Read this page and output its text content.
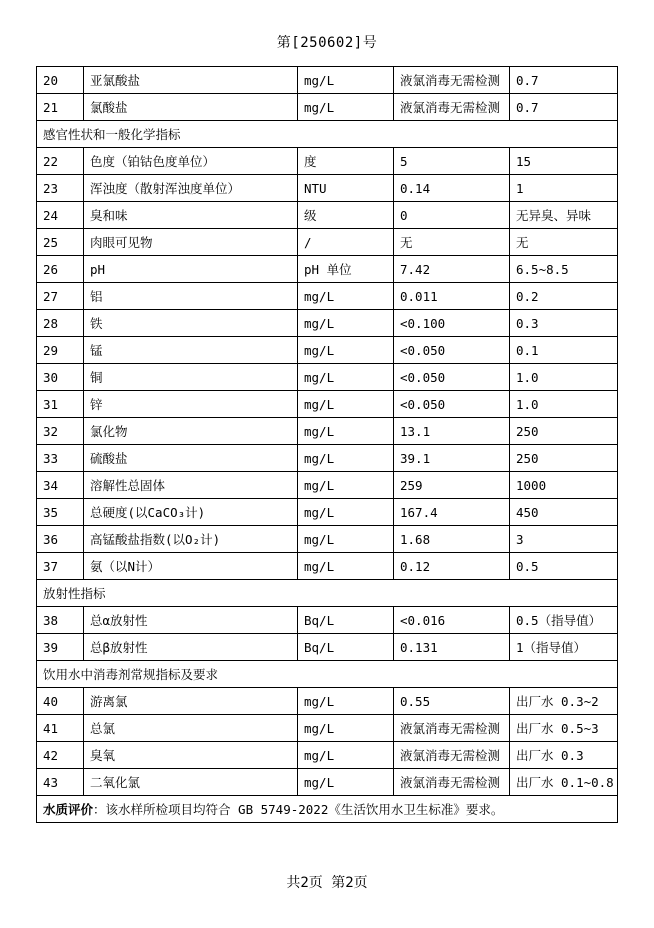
第[250602]号
20	亚氯酸盐	mg/L	液氯消毒无需检测	0.7
21	氯酸盐	mg/L	液氯消毒无需检测	0.7
感官性状和一般化学指标				
22	色度（铂钴色度单位）	度	5	15
23	浑浊度（散射浑浊度单位）	NTU	0.14	1
24	臭和味	级	0	无异臭、异味
25	肉眼可见物	/	无	无
26	pH	pH 单位	7.42	6.5~8.5
27	铝	mg/L	0.011	0.2
28	铁	mg/L	<0.100	0.3
29	锰	mg/L	<0.050	0.1
30	铜	mg/L	<0.050	1.0
31	锌	mg/L	<0.050	1.0
32	氯化物	mg/L	13.1	250
33	硫酸盐	mg/L	39.1	250
34	溶解性总固体	mg/L	259	1000
35	总硬度(以CaCO₃计)	mg/L	167.4	450
36	高锰酸盐指数(以O₂计)	mg/L	1.68	3
37	氨（以N计）	mg/L	0.12	0.5
放射性指标				
38	总α放射性	Bq/L	<0.016	0.5（指导值）
39	总β放射性	Bq/L	0.131	1（指导值）
饮用水中消毒剂常规指标及要求				
40	游离氯	mg/L	0.55	出厂水 0.3~2
41	总氯	mg/L	液氯消毒无需检测	出厂水 0.5~3
42	臭氧	mg/L	液氯消毒无需检测	出厂水 0.3
43	二氧化氯	mg/L	液氯消毒无需检测	出厂水 0.1~0.8
水质评价：该水样所检项目均符合 GB 5749-2022《生活饮用水卫生标准》要求。				
共2页 第2页
